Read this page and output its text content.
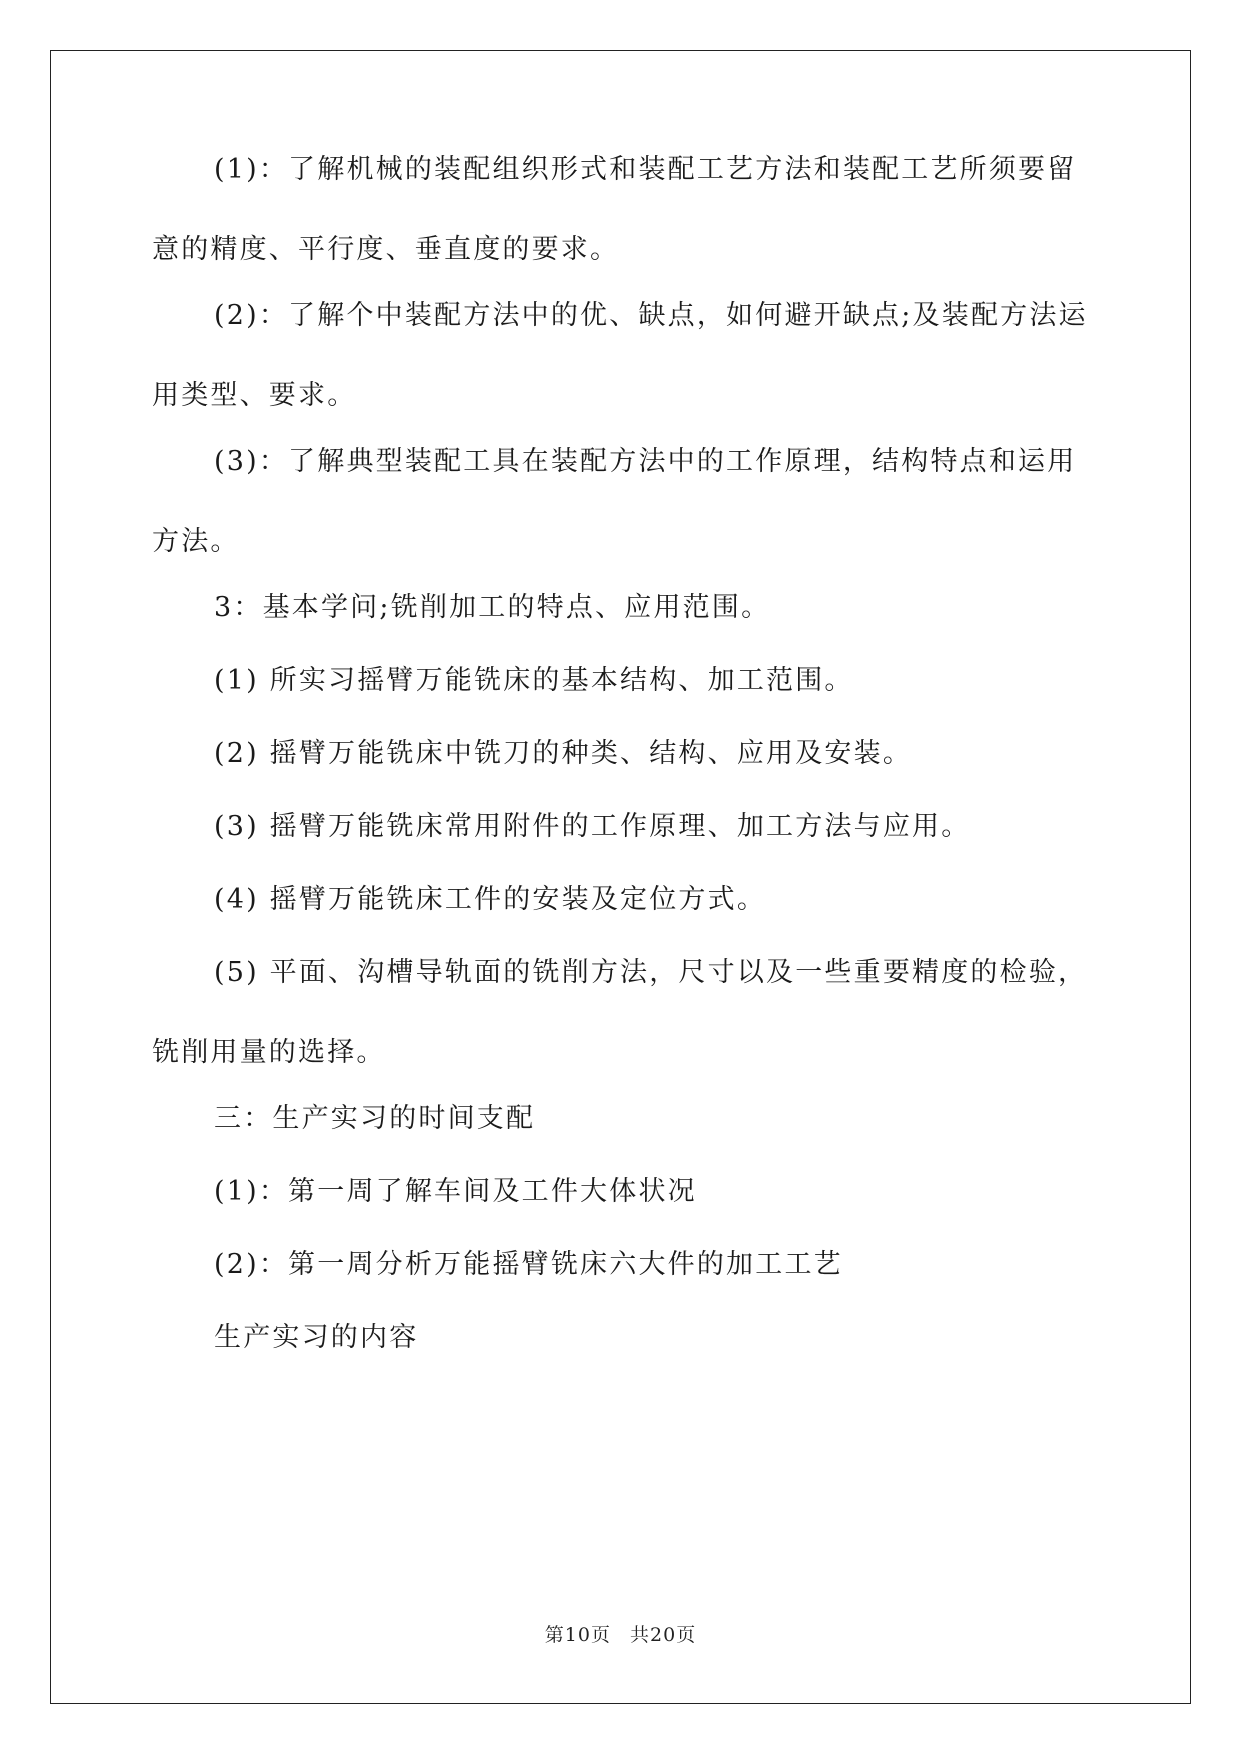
(1)：了解机械的装配组织形式和装配工艺方法和装配工艺所须要留意的精度、平行度、垂直度的要求。

(2)：了解个中装配方法中的优、缺点，如何避开缺点;及装配方法运用类型、要求。

(3)：了解典型装配工具在装配方法中的工作原理，结构特点和运用方法。

3：基本学问;铣削加工的特点、应用范围。

(1) 所实习摇臂万能铣床的基本结构、加工范围。

(2) 摇臂万能铣床中铣刀的种类、结构、应用及安装。

(3) 摇臂万能铣床常用附件的工作原理、加工方法与应用。

(4) 摇臂万能铣床工件的安装及定位方式。

(5) 平面、沟槽导轨面的铣削方法，尺寸以及一些重要精度的检验，铣削用量的选择。

三：生产实习的时间支配

(1)：第一周了解车间及工件大体状况

(2)：第一周分析万能摇臂铣床六大件的加工工艺

生产实习的内容

第10页 共20页
